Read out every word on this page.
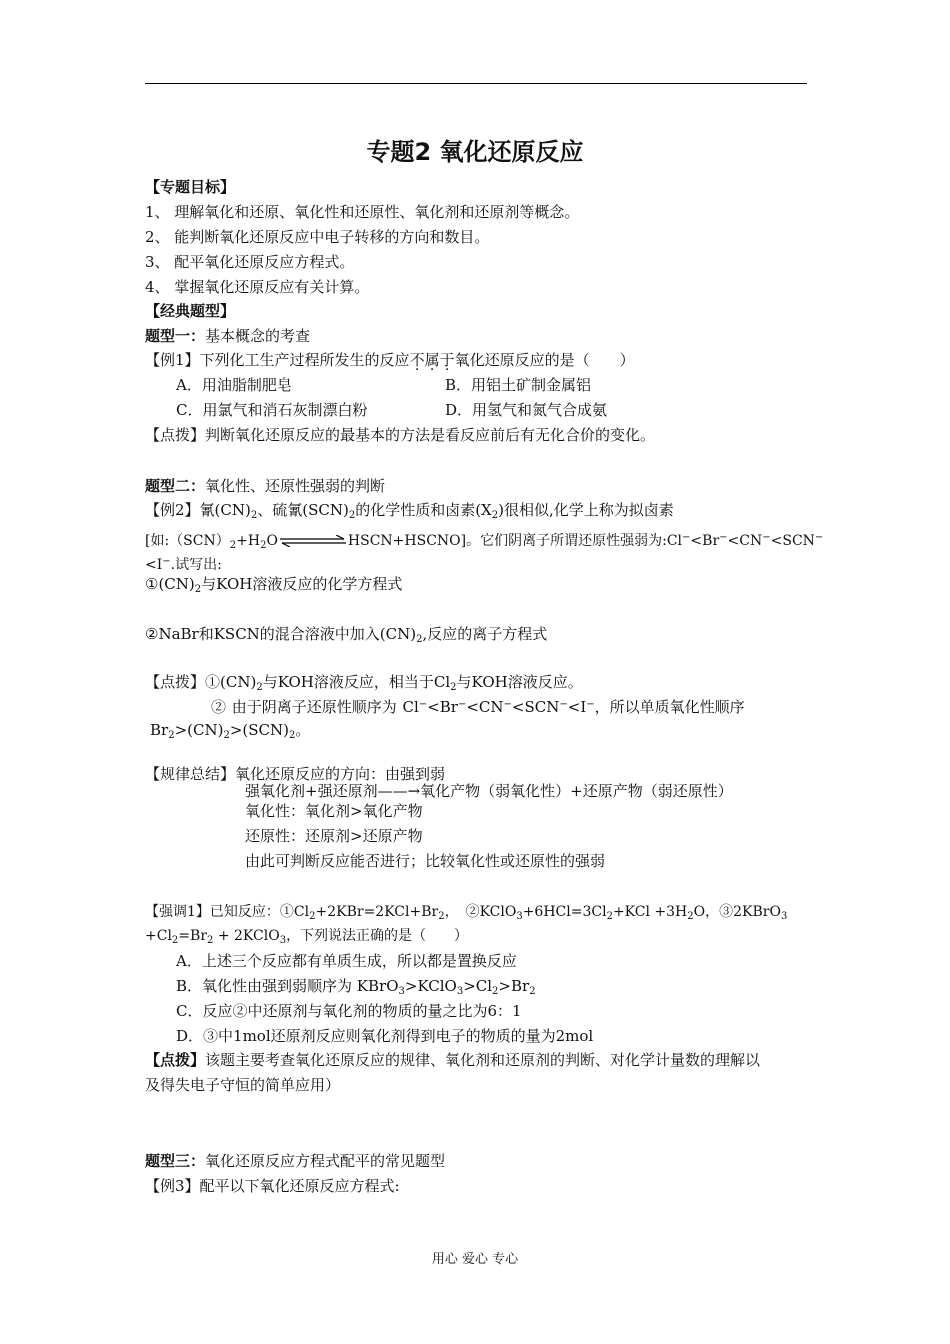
专题2 氧化还原反应
【专题目标】
1、 理解氧化和还原、氧化性和还原性、氧化剂和还原剂等概念。
2、 能判断氧化还原反应中电子转移的方向和数目。
3、 配平氧化还原反应方程式。
4、 掌握氧化还原反应有关计算。
【经典题型】
题型一：基本概念的考查
【例1】下列化工生产过程所发生的反应不属于氧化还原反应的是（　　）
A．用油脂制肥皂	B．用铝土矿制金属铝
C．用氯气和消石灰制漂白粉	D．用氢气和氮气合成氨
【点拨】判断氧化还原反应的最基本的方法是看反应前后有无化合价的变化。
题型二：氧化性、还原性强弱的判断
【例2】氰$(CN)_2$、硫氰$(SCN)_2$的化学性质和卤素$(X_2)$很相似,化学上称为拟卤素
[如$:(SCN)_2+H_2O$	HSCN+HSCNO]。它们阴离子所谓还原性强弱为:Cl−<Br−<CN−<SCN−
<I−.试写出:
$①(CN)_2$与KOH溶液反应的化学方程式
②NaBr和KSCN的混合溶液中加入$(CN)_2$,反应的离子方程式
【点拨】$①(CN)_2$与KOH溶液反应，相当于$Cl_2$与KOH溶液反应。
② 由于阴离子还原性顺序为 Cl−<Br−<CN−<SCN−<I−，所以单质氧化性顺序
$Br_2>(CN)_2>(SCN)_2$。
【规律总结】氧化还原反应的方向：由强到弱
强氧化剂+强还原剂——→氧化产物（弱氧化性）+还原产物（弱还原性）
氧化性：氧化剂>氧化产物
还原性：还原剂>还原产物
由此可判断反应能否进行；比较氧化性或还原性的强弱
【强调1】已知反应：$①Cl_2+2KBr=2KCl+Br_2$，　$②KClO_3+6HCl=3Cl_2+KCl +3H_2O$，③2KBrO$_3$
$+Cl_2=Br_2$ + 2KClO$_3$，下列说法正确的是（　　）
A．上述三个反应都有单质生成，所以都是置换反应
B．氧化性由强到弱顺序为 $KBrO_3>KClO_3>Cl_2>Br_2$
C．反应②中还原剂与氧化剂的物质的量之比为6：1
D．③中1mol还原剂反应则氧化剂得到电子的物质的量为2mol
【点拨】该题主要考查氧化还原反应的规律、氧化剂和还原剂的判断、对化学计量数的理解以
及得失电子守恒的简单应用）
题型三：氧化还原反应方程式配平的常见题型
【例3】配平以下氧化还原反应方程式:
用心 爱心 专心
